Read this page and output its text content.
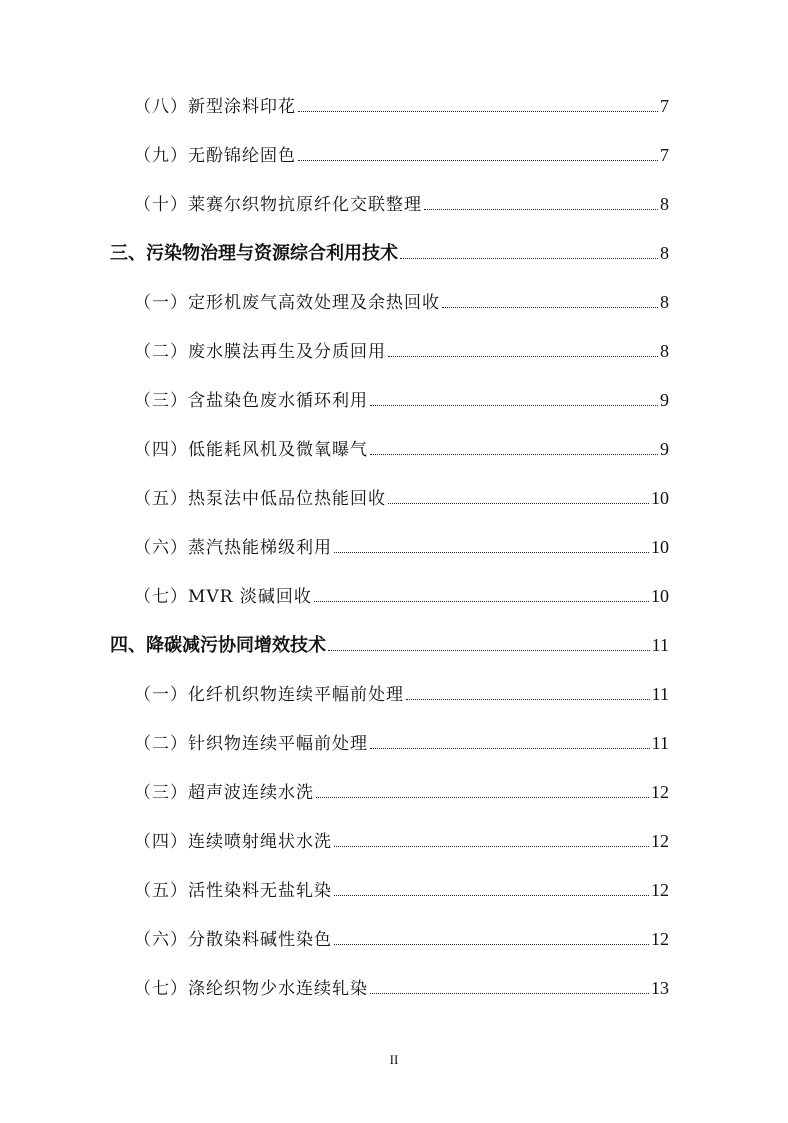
（八）新型涂料印花	7
（九）无酚锦纶固色	7
（十）莱赛尔织物抗原纤化交联整理	8
三、污染物治理与资源综合利用技术	8
（一）定形机废气高效处理及余热回收	8
（二）废水膜法再生及分质回用	8
（三）含盐染色废水循环利用	9
（四）低能耗风机及微氧曝气	9
（五）热泵法中低品位热能回收	10
（六）蒸汽热能梯级利用	10
（七）MVR 淡碱回收	10
四、降碳减污协同增效技术	11
（一）化纤机织物连续平幅前处理	11
（二）针织物连续平幅前处理	11
（三）超声波连续水洗	12
（四）连续喷射绳状水洗	12
（五）活性染料无盐轧染	12
（六）分散染料碱性染色	12
（七）涤纶织物少水连续轧染	13
II
